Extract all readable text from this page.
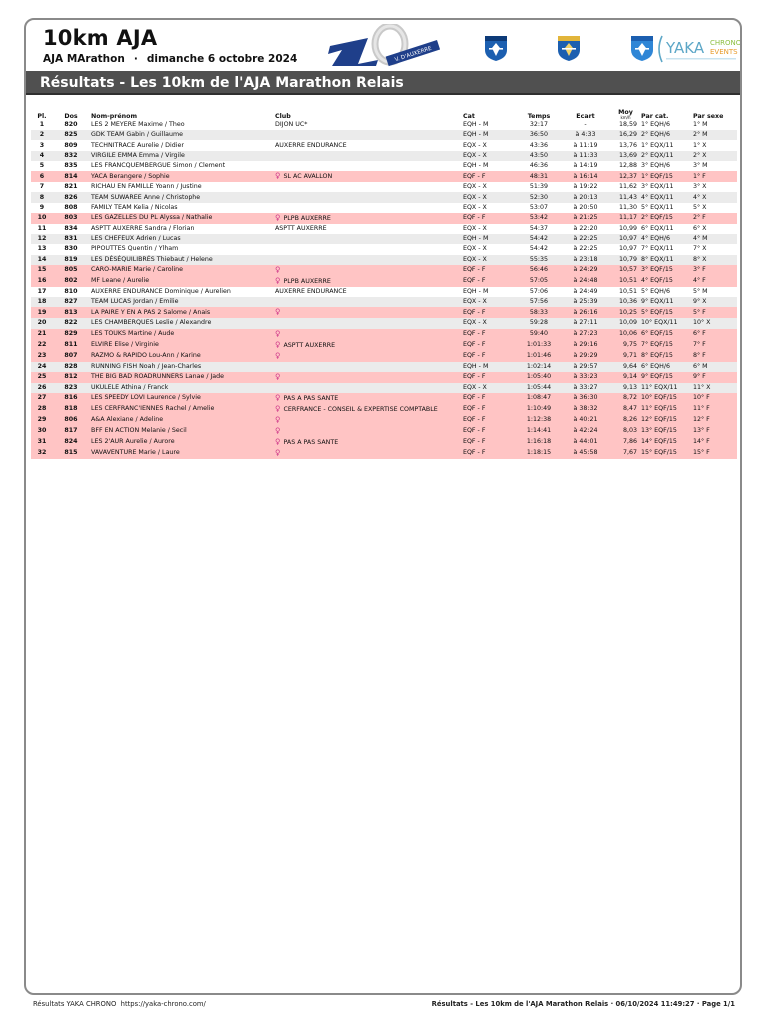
10km AJA
AJA MArathon · dimanche 6 octobre 2024	V. D'AUXERRE	YAKA CHRONO
EVENTS
Résultats - Les 10km de l'AJA Marathon Relais
Pl.	Dos	Nom-prénom	Club	Cat	Temps	Ecart	Moy
km/h	Par cat.	Par sexe
1	820	LES 2 MEYERE Maxime / Theo	DIJON UC*	EQH - M	32:17	-	18,59	1° EQH/6	1° M
2	825	GDK TEAM Gabin / Guillaume		EQH - M	36:50	à 4:33	16,29	2° EQH/6	2° M
3	809	TECHNITRACE Aurelie / Didier	AUXERRE ENDURANCE	EQX - X	43:36	à 11:19	13,76	1° EQX/11	1° X
4	832	VIRGILE EMMA Emma / Virgile		EQX - X	43:50	à 11:33	13,69	2° EQX/11	2° X
5	835	LES FRANCQUEMBERGUE Simon / Clement		EQH - M	46:36	à 14:19	12,88	3° EQH/6	3° M
6	814	YACA Berangere / Sophie	♀ SL AC AVALLON	EQF - F	48:31	à 16:14	12,37	1° EQF/15	1° F
7	821	RICHAU EN FAMILLE Yoann / Justine		EQX - X	51:39	à 19:22	11,62	3° EQX/11	3° X
8	826	TEAM SUWAREE Anne / Christophe		EQX - X	52:30	à 20:13	11,43	4° EQX/11	4° X
9	808	FAMILY TEAM Kelia / Nicolas		EQX - X	53:07	à 20:50	11,30	5° EQX/11	5° X
10	803	LES GAZELLES DU PL Alyssa / Nathalie	♀ PLPB AUXERRE	EQF - F	53:42	à 21:25	11,17	2° EQF/15	2° F
11	834	ASPTT AUXERRE Sandra / Florian	ASPTT AUXERRE	EQX - X	54:37	à 22:20	10,99	6° EQX/11	6° X
12	831	LES CHEFEUX Adrien / Lucas		EQH - M	54:42	à 22:25	10,97	4° EQH/6	4° M
13	830	PIPOUTTES Quentin / Ylham		EQX - X	54:42	à 22:25	10,97	7° EQX/11	7° X
14	819	LES DÉSÉQUILIBRÉS Thiebaut / Helene		EQX - X	55:35	à 23:18	10,79	8° EQX/11	8° X
15	805	CARO-MARIE Marie / Caroline	♀	EQF - F	56:46	à 24:29	10,57	3° EQF/15	3° F
16	802	MF Leane / Aurelie	♀ PLPB AUXERRE	EQF - F	57:05	à 24:48	10,51	4° EQF/15	4° F
17	810	AUXERRE ENDURANCE Dominique / Aurelien	AUXERRE ENDURANCE	EQH - M	57:06	à 24:49	10,51	5° EQH/6	5° M
18	827	TEAM LUCAS Jordan / Emilie		EQX - X	57:56	à 25:39	10,36	9° EQX/11	9° X
19	813	LA PAIRE Y EN A PAS 2 Salome / Anais	♀	EQF - F	58:33	à 26:16	10,25	5° EQF/15	5° F
20	822	LES CHAMBERQUES Leslie / Alexandre		EQX - X	59:28	à 27:11	10,09	10° EQX/11	10° X
21	829	LES TOUKS Martine / Aude	♀	EQF - F	59:40	à 27:23	10,06	6° EQF/15	6° F
22	811	ELVIRE Elise / Virginie	♀ ASPTT AUXERRE	EQF - F	1:01:33	à 29:16	9,75	7° EQF/15	7° F
23	807	RAZMO & RAPIDO Lou-Ann / Karine	♀	EQF - F	1:01:46	à 29:29	9,71	8° EQF/15	8° F
24	828	RUNNING FISH Noah / Jean-Charles		EQH - M	1:02:14	à 29:57	9,64	6° EQH/6	6° M
25	812	THE BIG BAD ROADRUNNERS Lanae / Jade	♀	EQF - F	1:05:40	à 33:23	9,14	9° EQF/15	9° F
26	823	UKULELE Athina / Franck		EQX - X	1:05:44	à 33:27	9,13	11° EQX/11	11° X
27	816	LES SPEEDY LOVI Laurence / Sylvie	♀ PAS A PAS SANTE	EQF - F	1:08:47	à 36:30	8,72	10° EQF/15	10° F
28	818	LES CERFRANC'IENNES Rachel / Amelie	♀ CERFRANCE - CONSEIL & EXPERTISE COMPTABLE	EQF - F	1:10:49	à 38:32	8,47	11° EQF/15	11° F
29	806	A&A Alexiane / Adeline	♀	EQF - F	1:12:38	à 40:21	8,26	12° EQF/15	12° F
30	817	BFF EN ACTION Melanie / Secil	♀	EQF - F	1:14:41	à 42:24	8,03	13° EQF/15	13° F
31	824	LES 2'AUR Aurelie / Aurore	♀ PAS A PAS SANTE	EQF - F	1:16:18	à 44:01	7,86	14° EQF/15	14° F
32	815	VAVAVENTURE Marie / Laure	♀	EQF - F	1:18:15	à 45:58	7,67	15° EQF/15	15° F
Résultats YAKA CHRONO https://yaka-chrono.com/	Résultats - Les 10km de l'AJA Marathon Relais · 06/10/2024 11:49:27 · Page 1/1
